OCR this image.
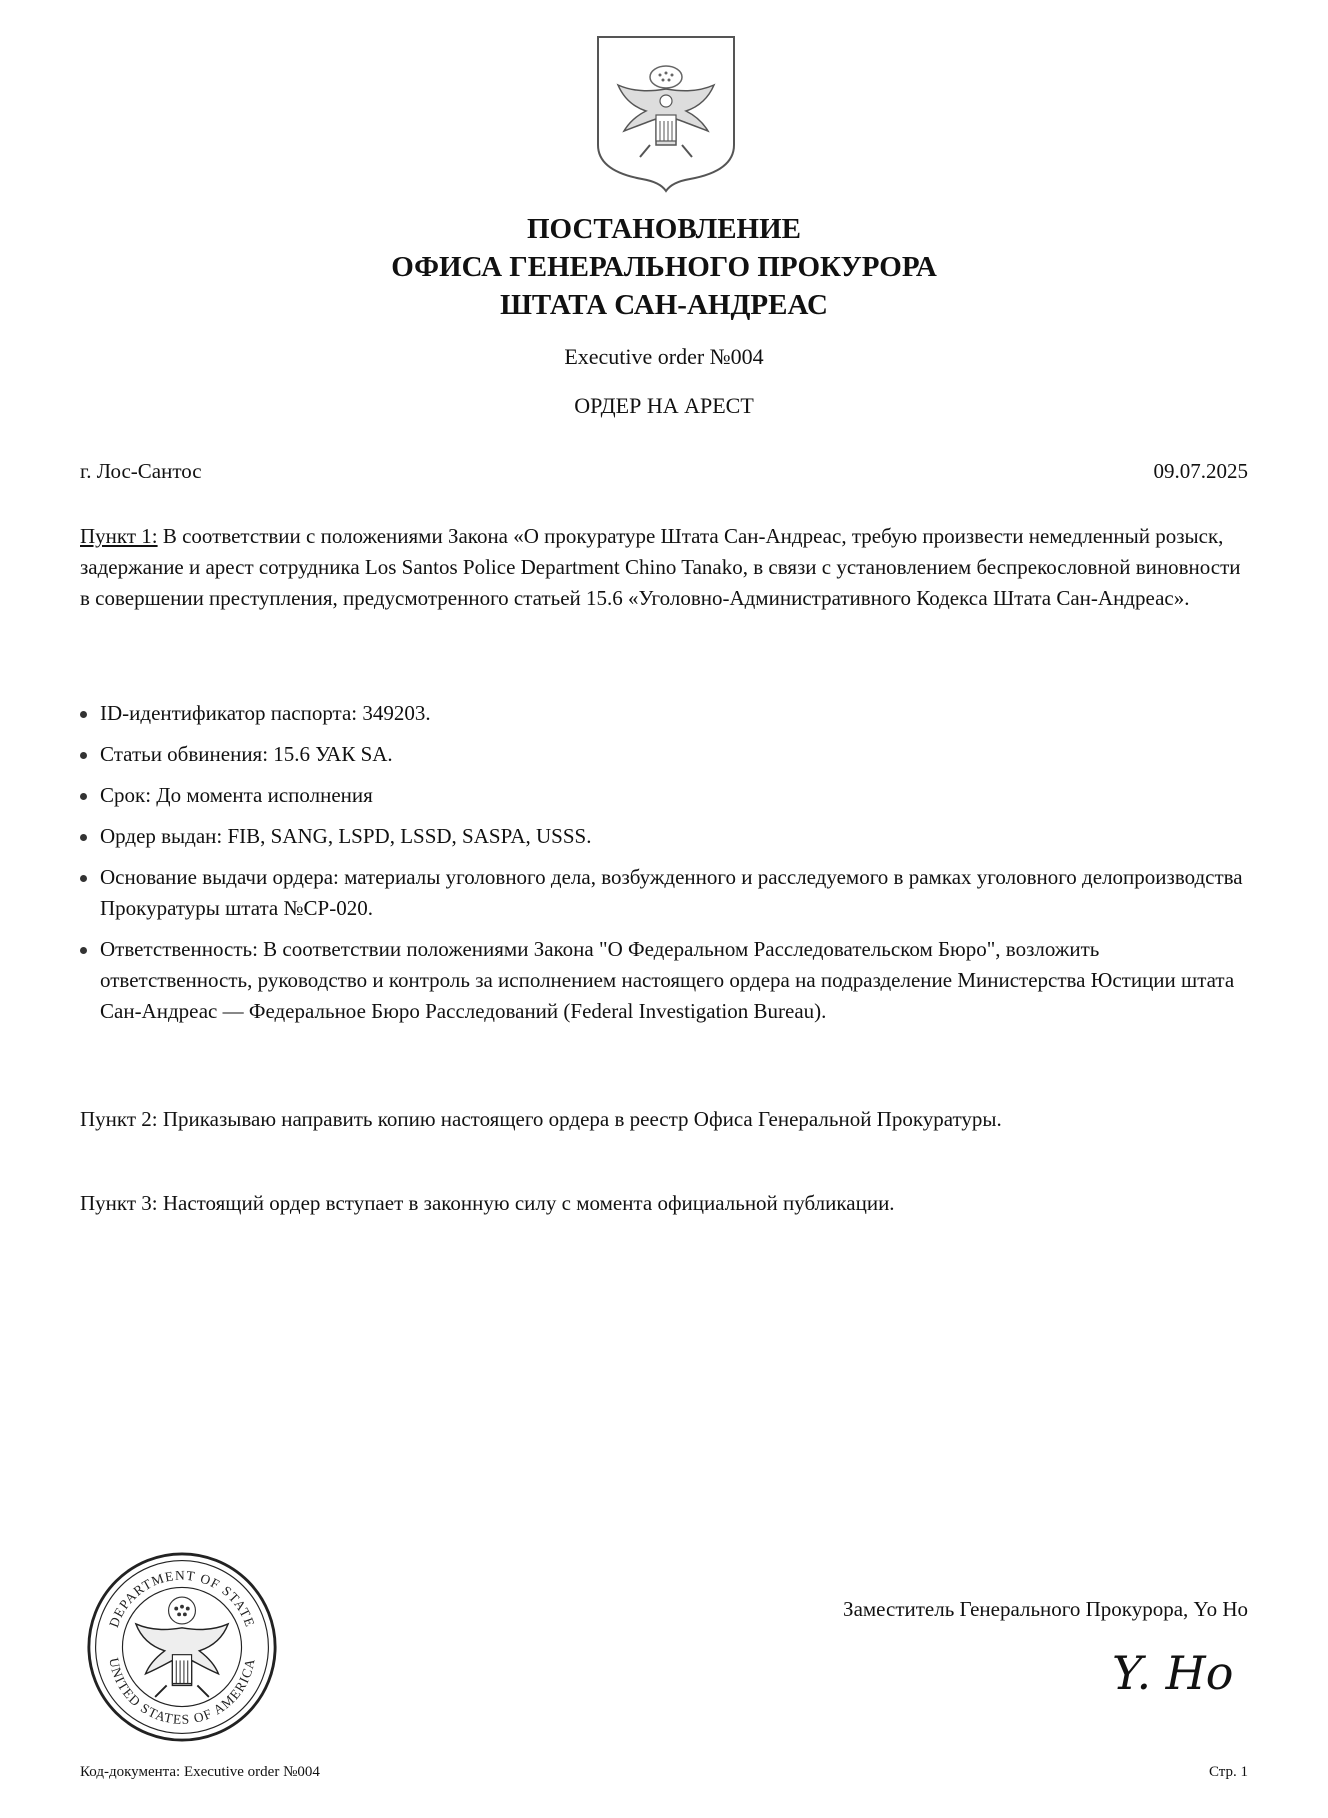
ПОСТАНОВЛЕНИЕ
ОФИСА ГЕНЕРАЛЬНОГО ПРОКУРОРА
ШТАТА САН-АНДРЕАС
Executive order №004
ОРДЕР НА АРЕСТ
г. Лос-Сантос	09.07.2025
Пункт 1: В соответствии с положениями Закона «О прокуратуре Штата Сан-Андреас, требую произвести немедленный розыск, задержание и арест сотрудника Los Santos Police Department Chino Tanako, в связи с установлением беспрекословной виновности в совершении преступления, предусмотренного статьей 15.6 «Уголовно-Административного Кодекса Штата Сан-Андреас».
ID-идентификатор паспорта: 349203.
Статьи обвинения: 15.6 УАК SA.
Срок: До момента исполнения
Ордер выдан: FIB, SANG, LSPD, LSSD, SASPA, USSS.
Основание выдачи ордера: материалы уголовного дела, возбужденного и расследуемого в рамках уголовного делопроизводства Прокуратуры штата №CP-020.
Ответственность: В соответствии положениями Закона "О Федеральном Расследовательском Бюро", возложить ответственность, руководство и контроль за исполнением настоящего ордера на подразделение Министерства Юстиции штата Сан-Андреас — Федеральное Бюро Расследований (Federal Investigation Bureau).
Пункт 2: Приказываю направить копию настоящего ордера в реестр Офиса Генеральной Прокуратуры.
Пункт 3: Настоящий ордер вступает в законную силу с момента официальной публикации.
DEPARTMENT OF STATE
UNITED STATES OF AMERICA
Заместитель Генерального Прокурора, Yo Ho
Y. Ho
Код-документа: Executive order №004	Стр. 1
